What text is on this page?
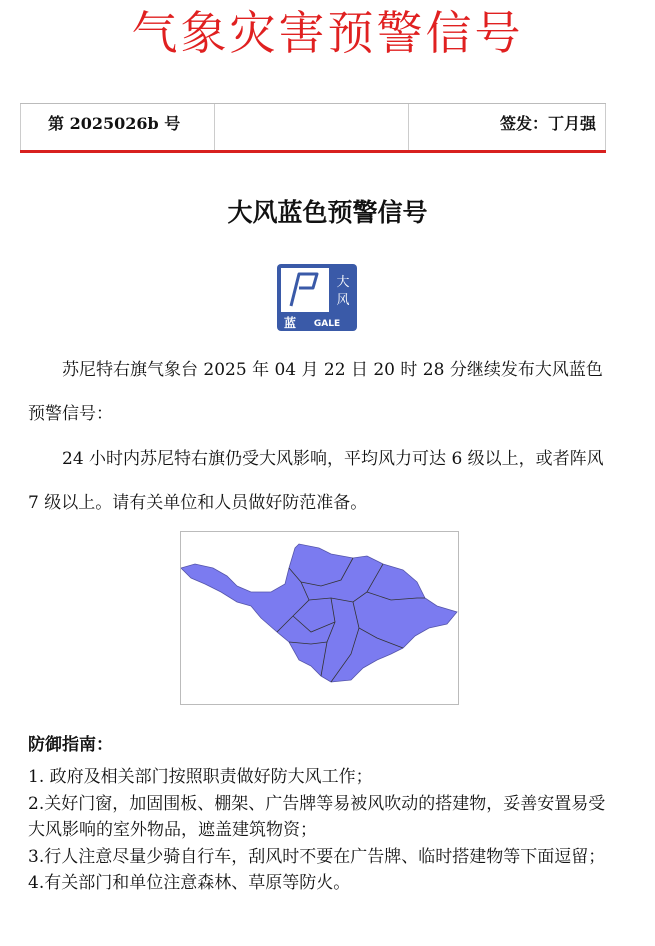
气象灾害预警信号
第 2025026b 号	签发：丁月强
大风蓝色预警信号
大
风
蓝 GALE

苏尼特右旗气象台 2025 年 04 月 22 日 20 时 28 分继续发布大风蓝色预警信号：

24 小时内苏尼特右旗仍受大风影响，平均风力可达 6 级以上，或者阵风 7 级以上。请有关单位和人员做好防范准备。

防御指南：
1. 政府及相关部门按照职责做好防大风工作；
2.关好门窗，加固围板、棚架、广告牌等易被风吹动的搭建物，妥善安置易受大风影响的室外物品，遮盖建筑物资；
3.行人注意尽量少骑自行车，刮风时不要在广告牌、临时搭建物等下面逗留；
4.有关部门和单位注意森林、草原等防火。
